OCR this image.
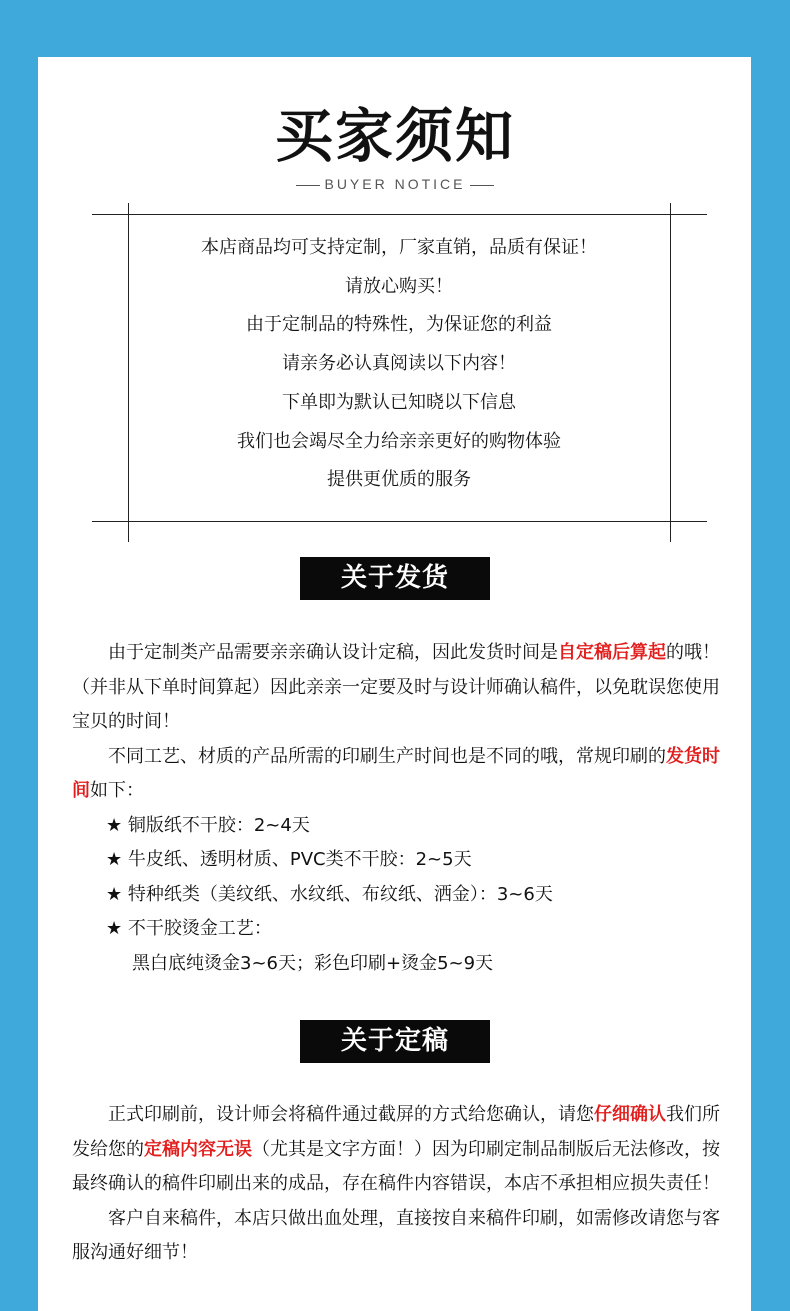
买家须知
BUYER NOTICE
本店商品均可支持定制，厂家直销，品质有保证！
请放心购买！
由于定制品的特殊性，为保证您的利益
请亲务必认真阅读以下内容！
下单即为默认已知晓以下信息
我们也会竭尽全力给亲亲更好的购物体验
提供更优质的服务
关于发货

由于定制类产品需要亲亲确认设计定稿，因此发货时间是自定稿后算起的哦！（并非从下单时间算起）因此亲亲一定要及时与设计师确认稿件，以免耽误您使用宝贝的时间！

不同工艺、材质的产品所需的印刷生产时间也是不同的哦，常规印刷的发货时间如下：

★ 铜版纸不干胶：2~4天

★ 牛皮纸、透明材质、PVC类不干胶：2~5天

★ 特种纸类（美纹纸、水纹纸、布纹纸、洒金）：3~6天

★ 不干胶烫金工艺：

黑白底纯烫金3~6天；彩色印刷+烫金5~9天

关于定稿

正式印刷前，设计师会将稿件通过截屏的方式给您确认，请您仔细确认我们所发给您的定稿内容无误（尤其是文字方面！）因为印刷定制品制版后无法修改，按最终确认的稿件印刷出来的成品，存在稿件内容错误，本店不承担相应损失责任！

客户自来稿件，本店只做出血处理，直接按自来稿件印刷，如需修改请您与客服沟通好细节！
